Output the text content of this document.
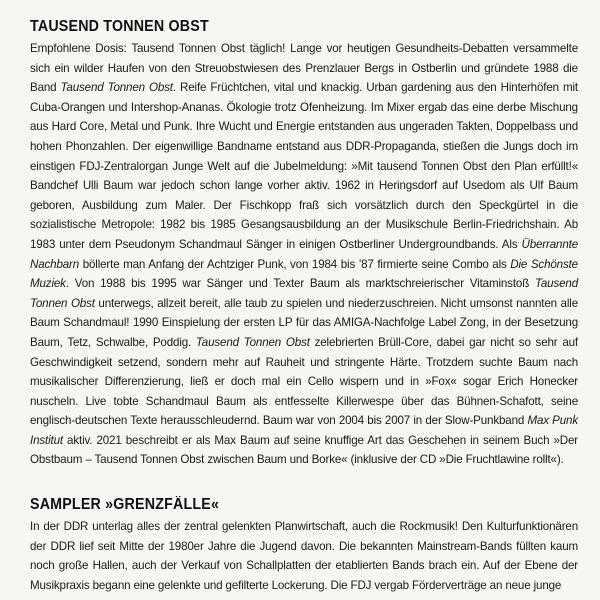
TAUSEND TONNEN OBST

Empfohlene Dosis: Tausend Tonnen Obst täglich! Lange vor heutigen Gesundheits-Debatten versammelte sich ein wilder Haufen von den Streuobstwiesen des Prenzlauer Bergs in Ostberlin und gründete 1988 die Band Tausend Tonnen Obst. Reife Früchtchen, vital und knackig. Urban gardening aus den Hinterhöfen mit Cuba-Orangen und Intershop-Ananas. Ökologie trotz Ofenheizung. Im Mixer ergab das eine derbe Mischung aus Hard Core, Metal und Punk. Ihre Wucht und Energie entstanden aus ungeraden Takten, Doppelbass und hohen Phonzahlen. Der eigenwillige Bandname entstand aus DDR-Propaganda, stießen die Jungs doch im einstigen FDJ-Zentralorgan Junge Welt auf die Jubelmeldung: »Mit tausend Tonnen Obst den Plan erfüllt!« Bandchef Ulli Baum war jedoch schon lange vorher aktiv. 1962 in Heringsdorf auf Usedom als Ulf Baum geboren, Ausbildung zum Maler. Der Fischkopp fraß sich vorsätzlich durch den Speckgürtel in die sozialistische Metropole: 1982 bis 1985 Gesangsausbildung an der Musikschule Berlin-Friedrichshain. Ab 1983 unter dem Pseudonym Schandmaul Sänger in einigen Ostberliner Undergroundbands. Als Überrannte Nachbarn böllerte man Anfang der Achtziger Punk, von 1984 bis ’87 firmierte seine Combo als Die Schönste Muziek. Von 1988 bis 1995 war Sänger und Texter Baum als marktschreierischer Vitaminstoß Tausend Tonnen Obst unterwegs, allzeit bereit, alle taub zu spielen und niederzuschreien. Nicht umsonst nannten alle Baum Schandmaul! 1990 Einspielung der ersten LP für das AMIGA-Nachfolge Label Zong, in der Besetzung Baum, Tetz, Schwalbe, Poddig. Tausend Tonnen Obst zelebrierten Brüll-Core, dabei gar nicht so sehr auf Geschwindigkeit setzend, sondern mehr auf Rauheit und stringente Härte. Trotzdem suchte Baum nach musikalischer Differenzierung, ließ er doch mal ein Cello wispern und in »Fox« sogar Erich Honecker nuscheln. Live tobte Schandmaul Baum als entfesselte Killerwespe über das Bühnen-Schafott, seine englisch-deutschen Texte herausschleudernd. Baum war von 2004 bis 2007 in der Slow-Punkband Max Punk Institut aktiv. 2021 beschreibt er als Max Baum auf seine knuffige Art das Geschehen in seinem Buch »Der Obstbaum – Tausend Tonnen Obst zwischen Baum und Borke« (inklusive der CD »Die Fruchtlawine rollt«).

SAMPLER »GRENZFÄLLE«

In der DDR unterlag alles der zentral gelenkten Planwirtschaft, auch die Rockmusik! Den Kulturfunktionären der DDR lief seit Mitte der 1980er Jahre die Jugend davon. Die bekannten Mainstream-Bands füllten kaum noch große Hallen, auch der Verkauf von Schallplatten der etablierten Bands brach ein. Auf der Ebene der Musikpraxis begann eine gelenkte und gefilterte Lockerung. Die FDJ vergab Förderverträge an neue junge
